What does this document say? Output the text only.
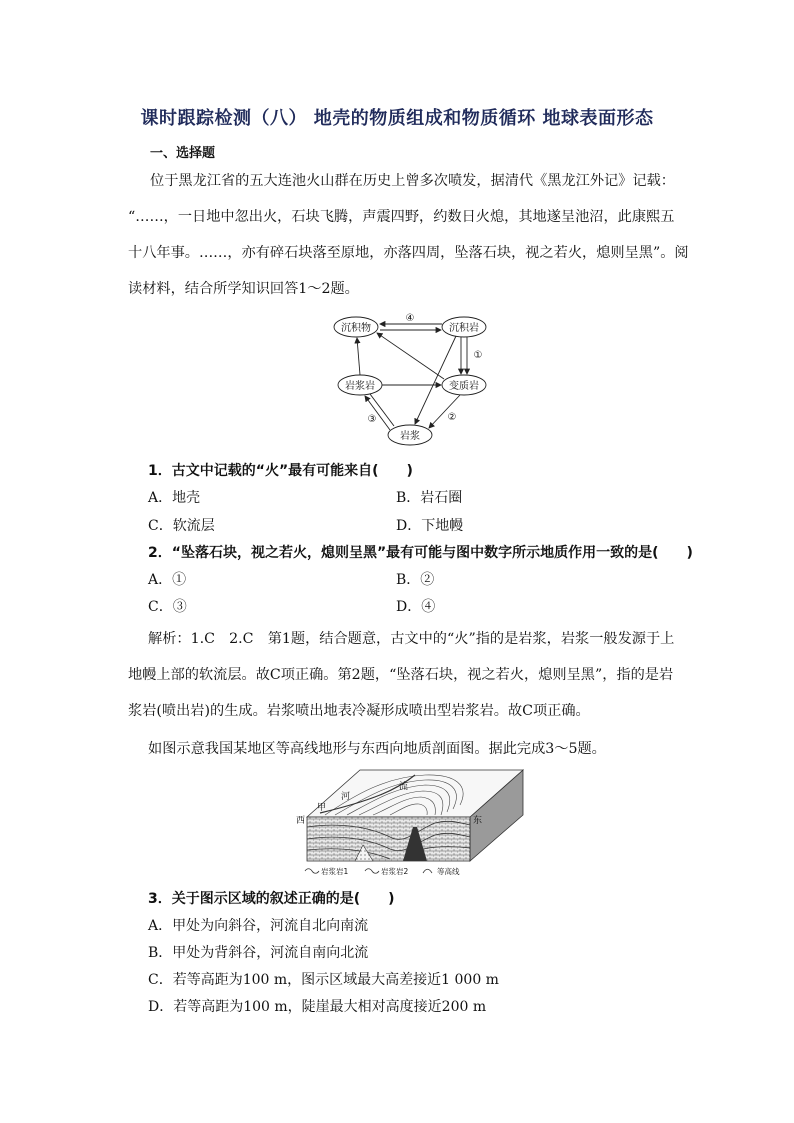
课时跟踪检测（八） 地壳的物质组成和物质循环 地球表面形态
一、选择题
位于黑龙江省的五大连池火山群在历史上曾多次喷发，据清代《黑龙江外记》记载：
“……，一日地中忽出火，石块飞腾，声震四野，约数日火熄，其地遂呈池沼，此康熙五
十八年事。……，亦有碎石块落至原地，亦落四周，坠落石块，视之若火，熄则呈黑”。阅
读材料，结合所学知识回答1～2题。
沉积物	沉积岩
岩浆岩	变质岩
岩浆
④
①
②
③
1．古文中记载的“火”最有可能来自(　　)
A．地壳	B．岩石圈
C．软流层	D．下地幔
2．“坠落石块，视之若火，熄则呈黑”最有可能与图中数字所示地质作用一致的是(　　)
A．①	B．②
C．③	D．④
解析：1.C　2.C　第1题，结合题意，古文中的“火”指的是岩浆，岩浆一般发源于上
地幔上部的软流层。故C项正确。第2题，“坠落石块，视之若火，熄则呈黑”，指的是岩
浆岩(喷出岩)的生成。岩浆喷出地表冷凝形成喷出型岩浆岩。故C项正确。
如图示意我国某地区等高线地形与东西向地质剖面图。据此完成3～5题。
西	东
甲
河
流
岩浆岩1	岩浆岩2	等高线
3．关于图示区域的叙述正确的是(　　)
A．甲处为向斜谷，河流自北向南流
B．甲处为背斜谷，河流自南向北流
C．若等高距为100 m，图示区域最大高差接近1 000 m
D．若等高距为100 m，陡崖最大相对高度接近200 m
